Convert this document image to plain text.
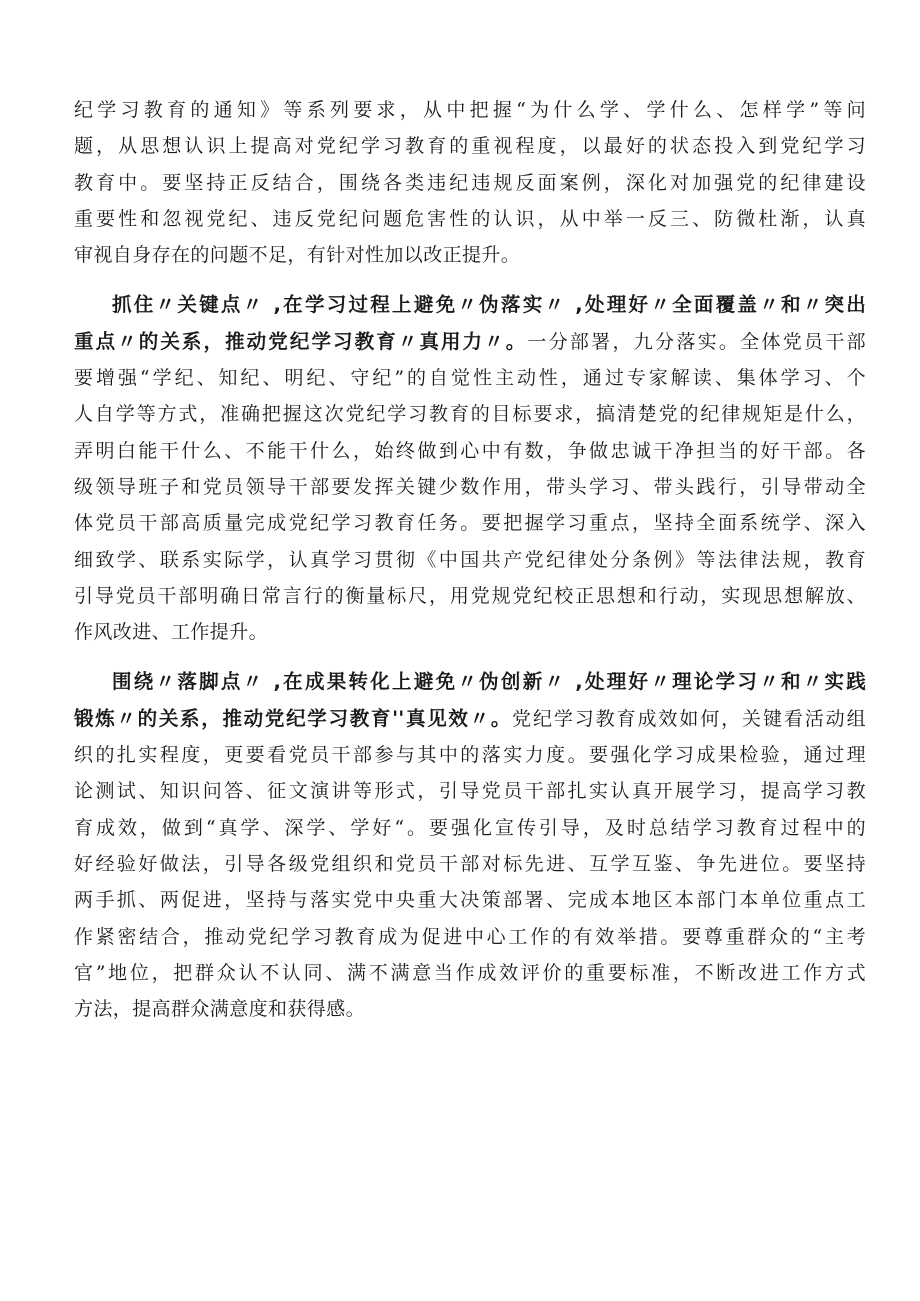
纪学习教育的通知》等系列要求，从中把握“为什么学、学什么、怎样学”等问
题，从思想认识上提高对党纪学习教育的重视程度，以最好的状态投入到党纪学习
教育中。要坚持正反结合，围绕各类违纪违规反面案例，深化对加强党的纪律建设
重要性和忽视党纪、违反党纪问题危害性的认识，从中举一反三、防微杜渐，认真
审视自身存在的问题不足，有针对性加以改正提升。
抓住〃关键点〃 ,在学习过程上避免〃伪落实〃 ,处理好〃全面覆盖〃和〃突出
重点〃的关系，推动党纪学习教育〃真用力〃。一分部署，九分落实。全体党员干部
要增强“学纪、知纪、明纪、守纪”的自觉性主动性，通过专家解读、集体学习、个
人自学等方式，准确把握这次党纪学习教育的目标要求，搞清楚党的纪律规矩是什么，
弄明白能干什么、不能干什么，始终做到心中有数，争做忠诚干净担当的好干部。各
级领导班子和党员领导干部要发挥关键少数作用，带头学习、带头践行，引导带动全
体党员干部高质量完成党纪学习教育任务。要把握学习重点，坚持全面系统学、深入
细致学、联系实际学，认真学习贯彻《中国共产党纪律处分条例》等法律法规，教育
引导党员干部明确日常言行的衡量标尺，用党规党纪校正思想和行动，实现思想解放、
作风改进、工作提升。
围绕〃落脚点〃 ,在成果转化上避免〃伪创新〃 ,处理好〃理论学习〃和〃实践
锻炼〃的关系，推动党纪学习教育''真见效〃。党纪学习教育成效如何，关键看活动组
织的扎实程度，更要看党员干部参与其中的落实力度。要强化学习成果检验，通过理
论测试、知识问答、征文演讲等形式，引导党员干部扎实认真开展学习，提高学习教
育成效，做到“真学、深学、学好“。要强化宣传引导，及时总结学习教育过程中的
好经验好做法，引导各级党组织和党员干部对标先进、互学互鉴、争先进位。要坚持
两手抓、两促进，坚持与落实党中央重大决策部署、完成本地区本部门本单位重点工
作紧密结合，推动党纪学习教育成为促进中心工作的有效举措。要尊重群众的“主考
官”地位，把群众认不认同、满不满意当作成效评价的重要标准，不断改进工作方式
方法，提高群众满意度和获得感。
